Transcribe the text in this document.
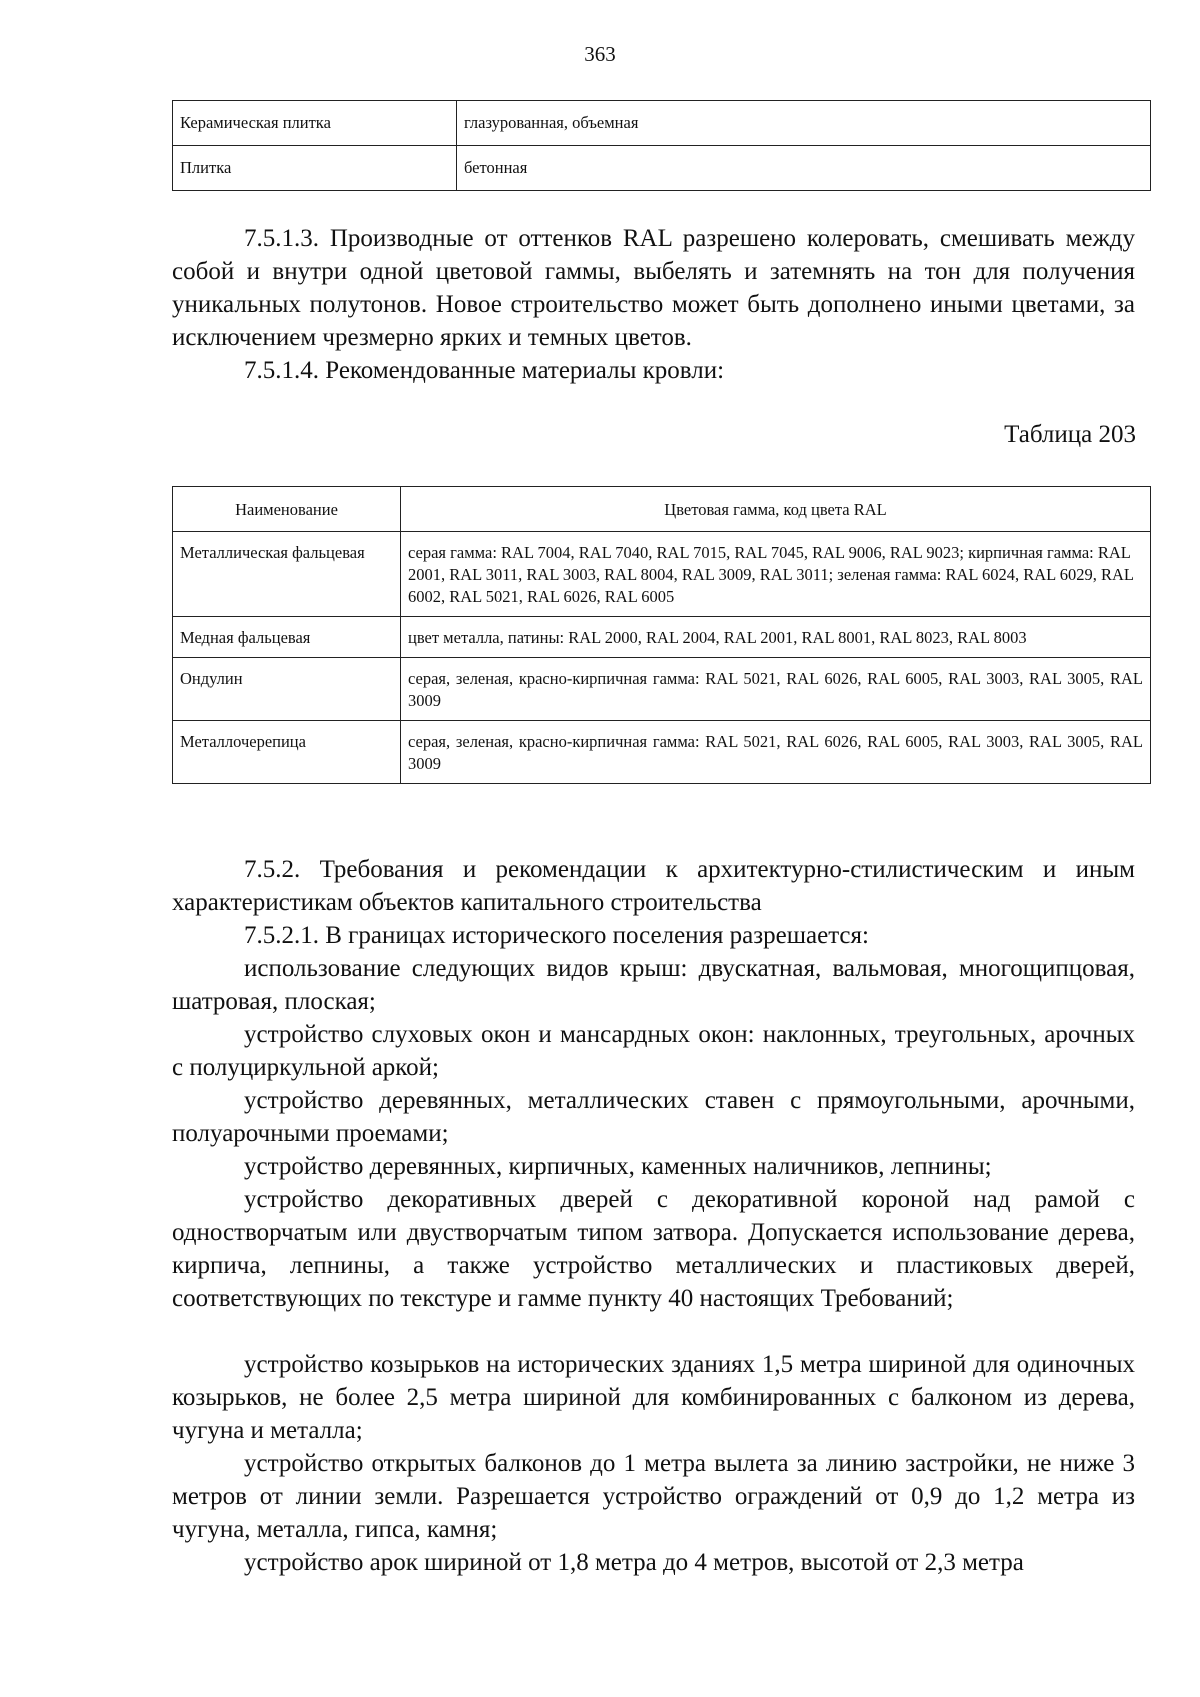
363
Керамическая плитка	глазурованная, объемная
Плитка	бетонная

7.5.1.3. Производные от оттенков RAL разрешено колеровать, смешивать между собой и внутри одной цветовой гаммы, выбелять и затемнять на тон для получения уникальных полутонов. Новое строительство может быть дополнено иными цветами, за исключением чрезмерно ярких и темных цветов.

7.5.1.4. Рекомендованные материалы кровли:

Таблица 203
Наименование	Цветовая гамма, код цвета RAL
Металлическая фальцевая	серая гамма: RAL 7004, RAL 7040, RAL 7015, RAL 7045, RAL 9006, RAL 9023; кирпичная гамма: RAL 2001, RAL 3011, RAL 3003, RAL 8004, RAL 3009, RAL 3011; зеленая гамма: RAL 6024, RAL 6029, RAL 6002, RAL 5021, RAL 6026, RAL 6005
Медная фальцевая	цвет металла, патины: RAL 2000, RAL 2004, RAL 2001, RAL 8001, RAL 8023, RAL 8003
Ондулин	серая, зеленая, красно-кирпичная гамма: RAL 5021, RAL 6026, RAL 6005, RAL 3003, RAL 3005, RAL 3009
Металлочерепица	серая, зеленая, красно-кирпичная гамма: RAL 5021, RAL 6026, RAL 6005, RAL 3003, RAL 3005, RAL 3009

7.5.2. Требования и рекомендации к архитектурно-стилистическим и иным характеристикам объектов капитального строительства

7.5.2.1. В границах исторического поселения разрешается:

использование следующих видов крыш: двускатная, вальмовая, многощипцовая, шатровая, плоская;

устройство слуховых окон и мансардных окон: наклонных, треугольных, арочных с полуциркульной аркой;

устройство деревянных, металлических ставен с прямоугольными, арочными, полуарочными проемами;

устройство деревянных, кирпичных, каменных наличников, лепнины;

устройство декоративных дверей с декоративной короной над рамой с одностворчатым или двустворчатым типом затвора. Допускается использование дерева, кирпича, лепнины, а также устройство металлических и пластиковых дверей, соответствующих по текстуре и гамме пункту 40 настоящих Требований;

устройство козырьков на исторических зданиях 1,5 метра шириной для одиночных козырьков, не более 2,5 метра шириной для комбинированных с балконом из дерева, чугуна и металла;

устройство открытых балконов до 1 метра вылета за линию застройки, не ниже 3 метров от линии земли. Разрешается устройство ограждений от 0,9 до 1,2 метра из чугуна, металла, гипса, камня;

устройство арок шириной от 1,8 метра до 4 метров, высотой от 2,3 метра
